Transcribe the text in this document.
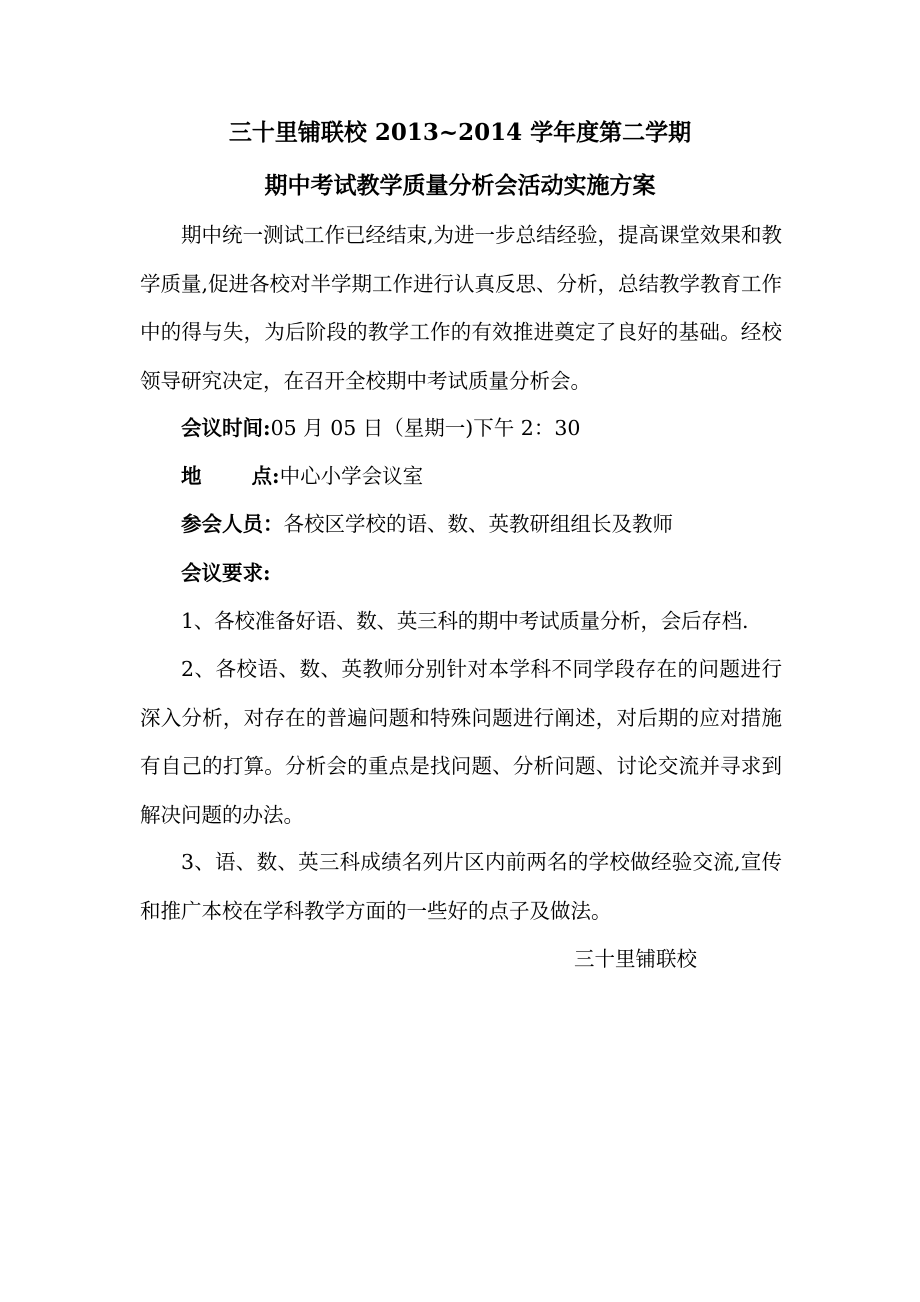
三十里铺联校 2013~2014 学年度第二学期
期中考试教学质量分析会活动实施方案
期中统一测试工作已经结束,为进一步总结经验，提高课堂效果和教学质量,促进各校对半学期工作进行认真反思、分析，总结教学教育工作中的得与失，为后阶段的教学工作的有效推进奠定了良好的基础。经校领导研究决定，在召开全校期中考试质量分析会。
会议时间:05 月 05 日（星期一)下午 2：30
地 点:中心小学会议室
参会人员：各校区学校的语、数、英教研组组长及教师
会议要求:
1、各校准备好语、数、英三科的期中考试质量分析，会后存档.
2、各校语、数、英教师分别针对本学科不同学段存在的问题进行深入分析，对存在的普遍问题和特殊问题进行阐述，对后期的应对措施有自己的打算。分析会的重点是找问题、分析问题、讨论交流并寻求到解决问题的办法。
3、语、数、英三科成绩名列片区内前两名的学校做经验交流,宣传和推广本校在学科教学方面的一些好的点子及做法。
三十里铺联校
